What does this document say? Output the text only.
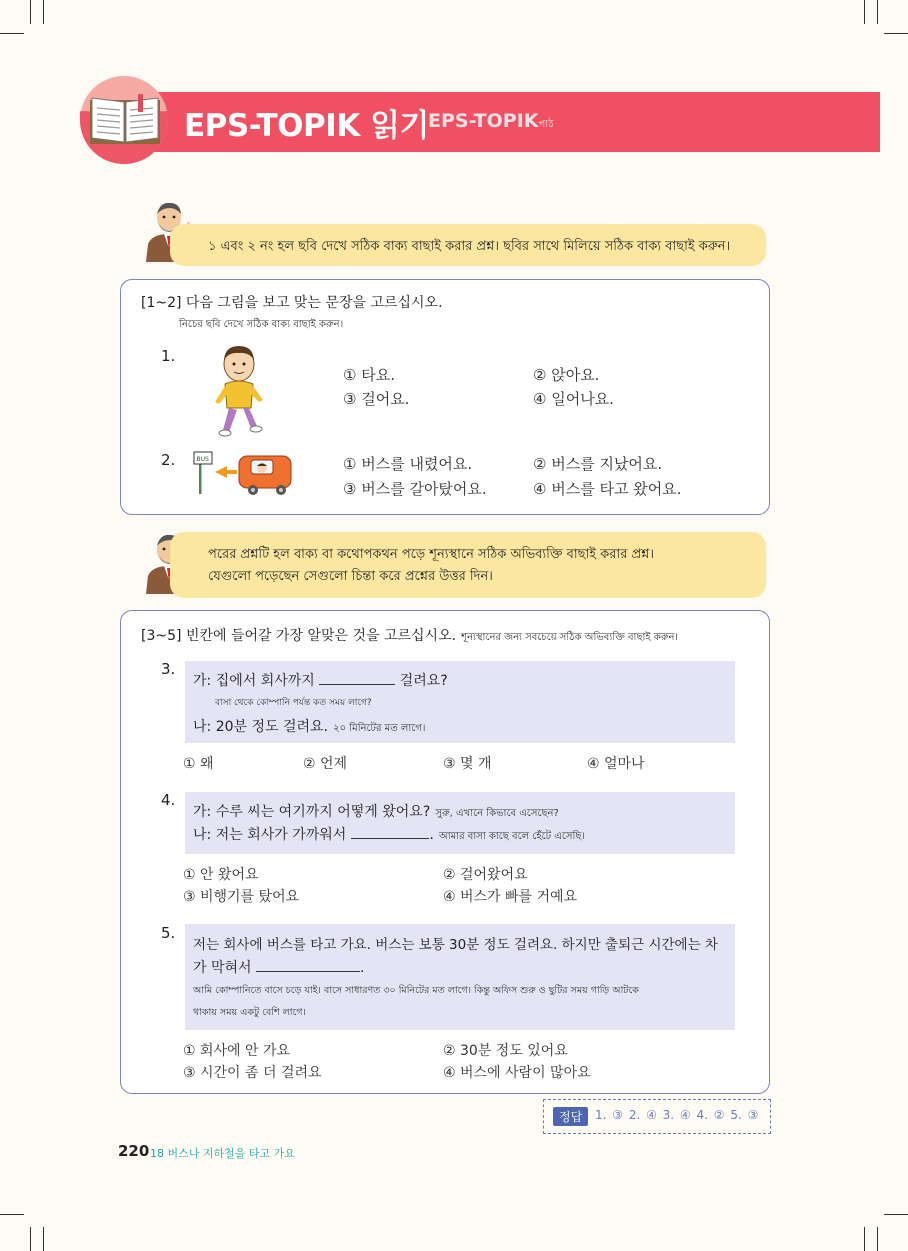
EPS-TOPIK 읽기 EPS-TOPIKপাঠ
১ এবং ২ নং হল ছবি দেখে সঠিক বাক্য বাছাই করার প্রশ্ন। ছবির সাথে মিলিয়ে সঠিক বাক্য বাছাই করুন।
[1~2] 다음 그림을 보고 맞는 문장을 고르십시오.
নিচের ছবি দেখে সঠিক বাক্য বাছাই করুন।
1.
① 타요.	② 앉아요.
③ 걸어요.	④ 일어나요.
2.	BUS	① 버스를 내렸어요.	② 버스를 지났어요.
③ 버스를 갈아탔어요.	④ 버스를 타고 왔어요.
পরের প্রশ্নটি হল বাক্য বা কথোপকথন পড়ে শূন্যস্থানে সঠিক অভিব্যক্তি বাছাই করার প্রশ্ন।
যেগুলো পড়েছেন সেগুলো চিন্তা করে প্রশ্নের উত্তর দিন।
[3~5] 빈칸에 들어갈 가장 알맞은 것을 고르십시오. শূন্যস্থানের জন্য সবচেয়ে সঠিক অভিব্যক্তি বাছাই করুন।
3.
가: 집에서 회사까지	걸려요?
বাসা থেকে কোম্পানি পর্যন্ত কত সময় লাগে?
나: 20분 정도 걸려요. ২০ মিনিটের মত লাগে।
① 왜	② 언제	③ 몇 개	④ 얼마나
4.
가: 수루 씨는 여기까지 어떻게 왔어요? সুরু, এখানে কিভাবে এসেছেন?
나: 저는 회사가 가까워서	. আমার বাসা কাছে বলে হেঁটে এসেছি।
① 안 왔어요	② 걸어왔어요
③ 비행기를 탔어요	④ 버스가 빠를 거예요
5.
저는 회사에 버스를 타고 가요. 버스는 보통 30분 정도 걸려요. 하지만 출퇴근 시간에는 차
가 막혀서	.
আমি কোম্পানিতে বাসে চড়ে যাই। বাসে সাধারণত ৩০ মিনিটের মত লাগে। কিন্তু অফিস শুরু ও ছুটির সময় গাড়ি আটকে
থাকায় সময় একটু বেশি লাগে।
① 회사에 안 가요	② 30분 정도 있어요
③ 시간이 좀 더 걸려요	④ 버스에 사람이 많아요
정답	1. ③ 2. ④ 3. ④ 4. ② 5. ③
220 18 버스나 지하철을 타고 가요
